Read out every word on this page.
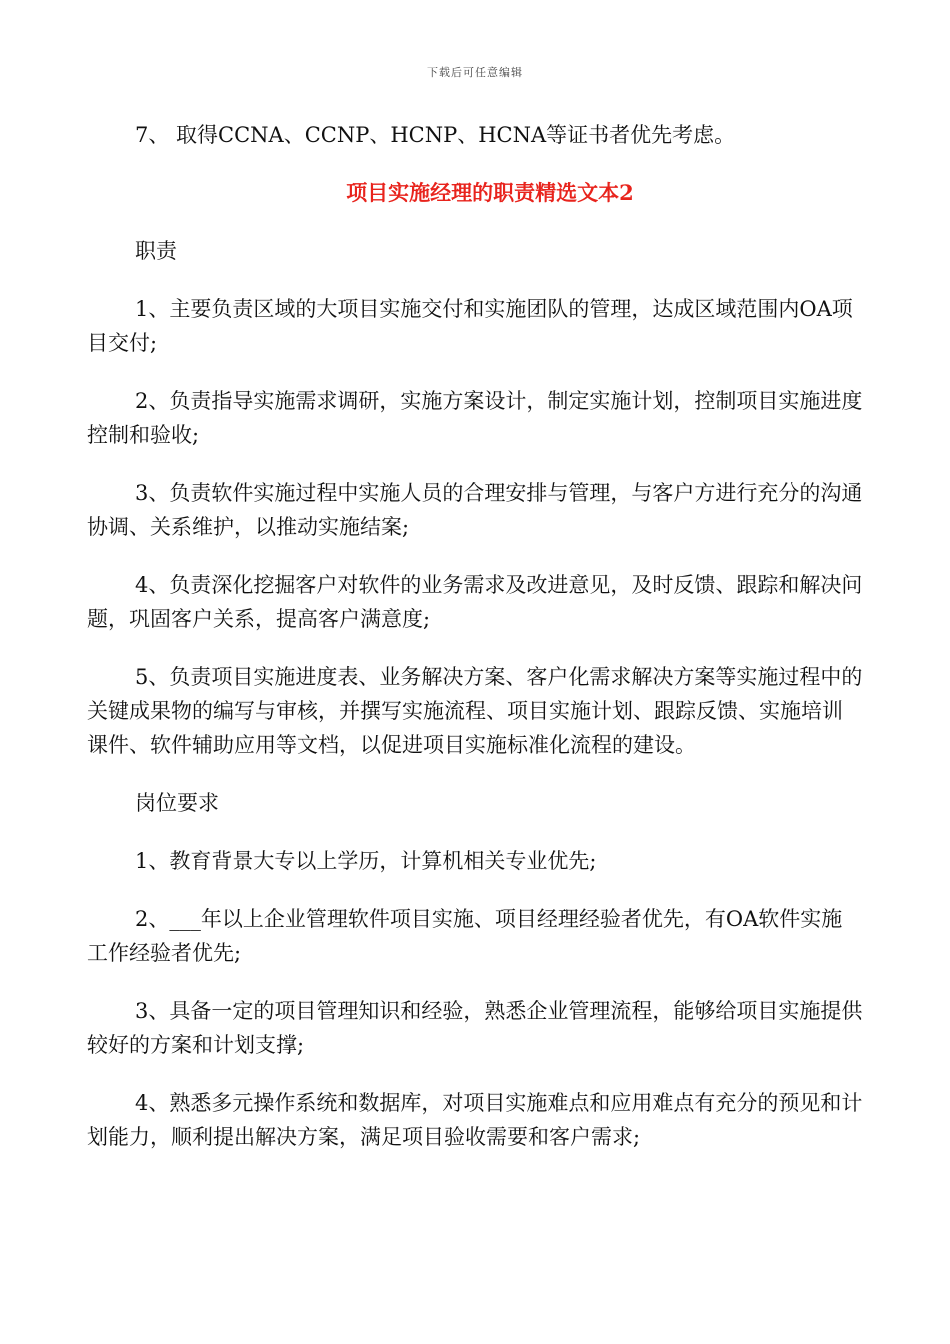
下载后可任意编辑

7、 取得CCNA、CCNP、HCNP、HCNA等证书者优先考虑。

项目实施经理的职责精选文本2

职责

1、主要负责区域的大项目实施交付和实施团队的管理，达成区域范围内OA项目交付;

2、负责指导实施需求调研，实施方案设计，制定实施计划，控制项目实施进度控制和验收;

3、负责软件实施过程中实施人员的合理安排与管理，与客户方进行充分的沟通协调、关系维护，以推动实施结案;

4、负责深化挖掘客户对软件的业务需求及改进意见，及时反馈、跟踪和解决问题，巩固客户关系，提高客户满意度;

5、负责项目实施进度表、业务解决方案、客户化需求解决方案等实施过程中的关键成果物的编写与审核，并撰写实施流程、项目实施计划、跟踪反馈、实施培训课件、软件辅助应用等文档，以促进项目实施标准化流程的建设。

岗位要求

1、教育背景大专以上学历，计算机相关专业优先;

2、___年以上企业管理软件项目实施、项目经理经验者优先，有OA软件实施工作经验者优先;

3、具备一定的项目管理知识和经验，熟悉企业管理流程，能够给项目实施提供较好的方案和计划支撑;

4、熟悉多元操作系统和数据库，对项目实施难点和应用难点有充分的预见和计划能力，顺利提出解决方案，满足项目验收需要和客户需求;
